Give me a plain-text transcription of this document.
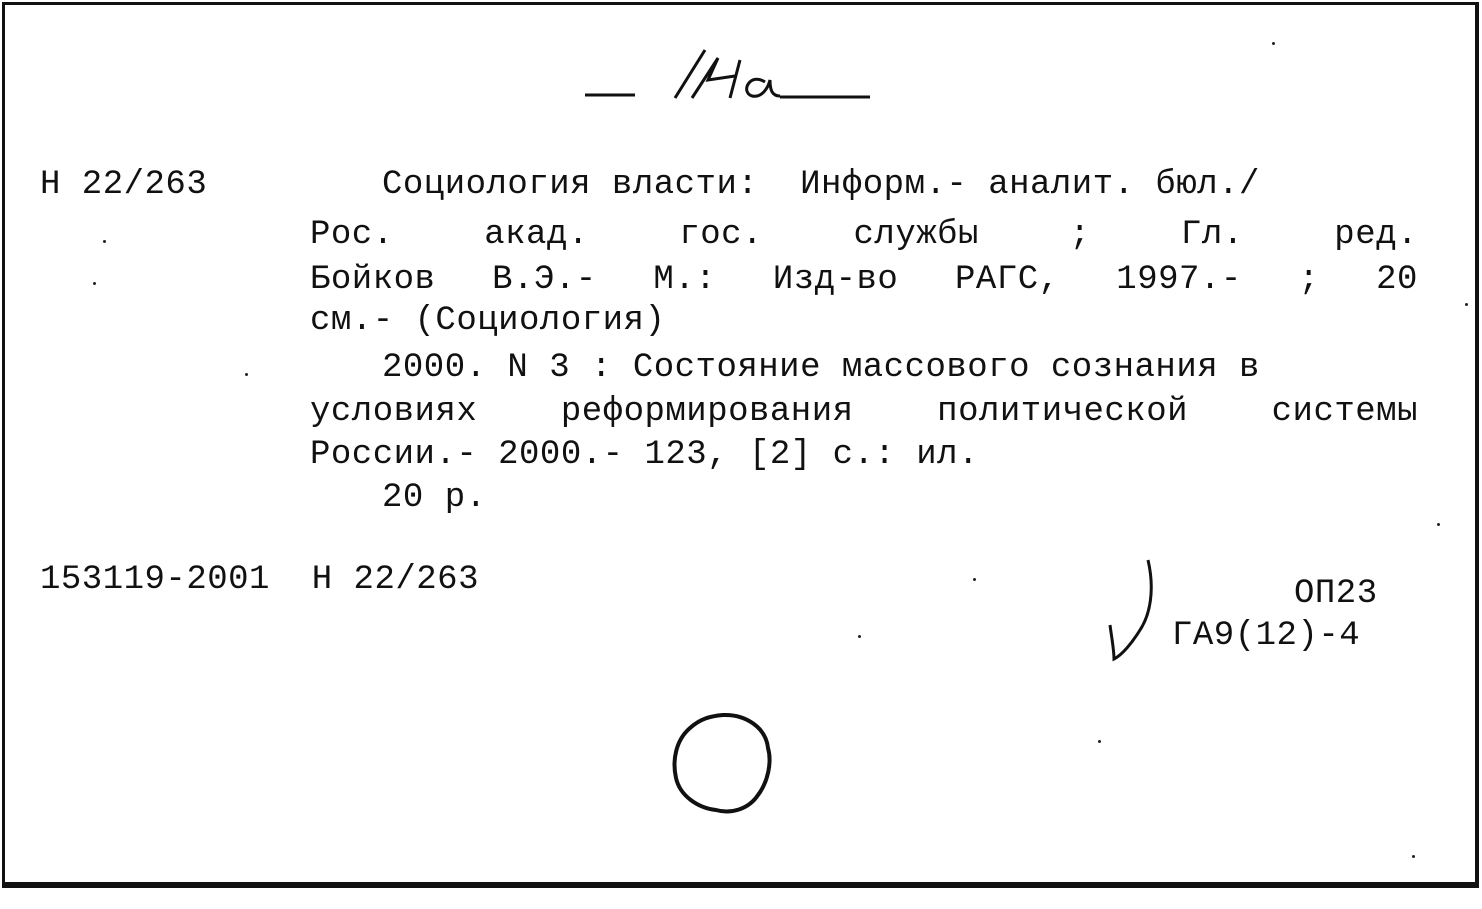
Н 22/263	Социология власти:  Информ.- аналит. бюл./
Рос.	акад.	гос.	службы	;	Гл.	ред.
Бойков В.Э.- М.: Изд-во РАГС, 1997.- ; 20
см.- (Социология)
2000. N 3 : Состояние массового сознания в
условиях реформирования политической системы
России.- 2000.- 123, [2] с.: ил.
20 р.
153119-2001  Н 22/263	ОП23
ГА9(12)-4
